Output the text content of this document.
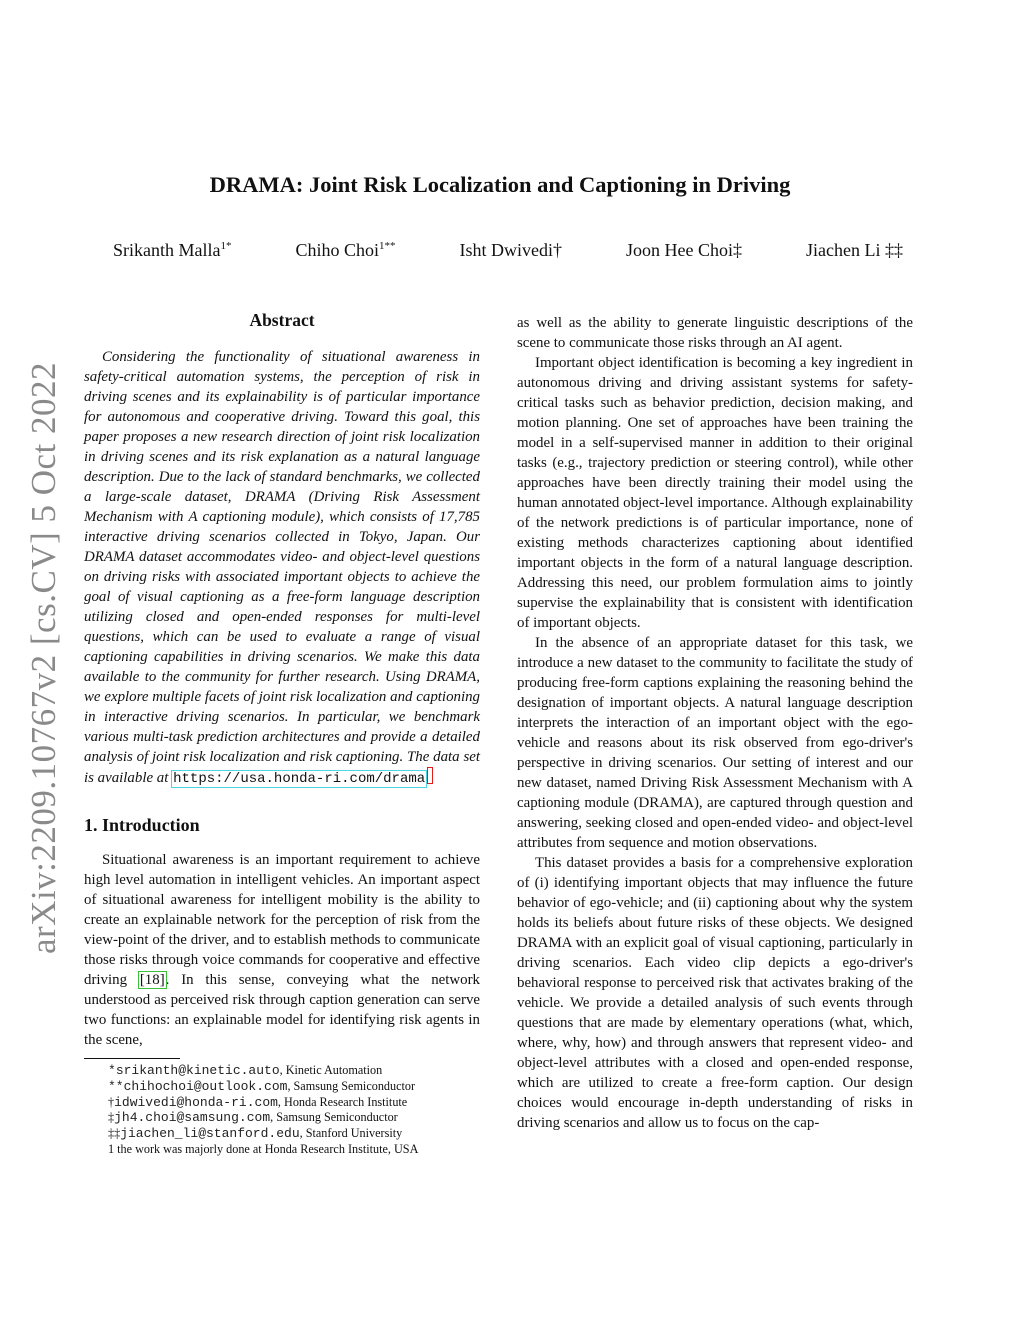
arXiv:2209.10767v2 [cs.CV] 5 Oct 2022
DRAMA: Joint Risk Localization and Captioning in Driving
Srikanth Malla$^{1*}$	Chiho Choi$^{1**}$	Isht Dwivedi†	Joon Hee Choi‡	Jiachen Li ‡‡
Abstract

Considering the functionality of situational awareness in safety-critical automation systems, the perception of risk in driving scenes and its explainability is of particular importance for autonomous and cooperative driving. Toward this goal, this paper proposes a new research direction of joint risk localization in driving scenes and its risk explanation as a natural language description. Due to the lack of standard benchmarks, we collected a large-scale dataset, DRAMA (Driving Risk Assessment Mechanism with A captioning module), which consists of 17,785 interactive driving scenarios collected in Tokyo, Japan. Our DRAMA dataset accommodates video- and object-level questions on driving risks with associated important objects to achieve the goal of visual captioning as a free-form language description utilizing closed and open-ended responses for multi-level questions, which can be used to evaluate a range of visual captioning capabilities in driving scenarios. We make this data available to the community for further research. Using DRAMA, we explore multiple facets of joint risk localization and captioning in interactive driving scenarios. In particular, we benchmark various multi-task prediction architectures and provide a detailed analysis of joint risk localization and risk captioning. The data set is available at https://usa.honda-ri.com/drama

1. Introduction

Situational awareness is an important requirement to achieve high level automation in intelligent vehicles. An important aspect of situational awareness for intelligent mobility is the ability to create an explainable network for the perception of risk from the view-point of the driver, and to establish methods to communicate those risks through voice commands for cooperative and effective driving [18]. In this sense, conveying what the network understood as perceived risk through caption generation can serve two functions: an explainable model for identifying risk agents in the scene,

*srikanth@kinetic.auto, Kinetic Automation
**chihochoi@outlook.com, Samsung Semiconductor
†idwivedi@honda-ri.com, Honda Research Institute
‡jh4.choi@samsung.com, Samsung Semiconductor
‡‡jiachen_li@stanford.edu, Stanford University
1 the work was majorly done at Honda Research Institute, USA

as well as the ability to generate linguistic descriptions of the scene to communicate those risks through an AI agent.

Important object identification is becoming a key ingredient in autonomous driving and driving assistant systems for safety-critical tasks such as behavior prediction, decision making, and motion planning. One set of approaches have been training the model in a self-supervised manner in addition to their original tasks (e.g., trajectory prediction or steering control), while other approaches have been directly training their model using the human annotated object-level importance. Although explainability of the network predictions is of particular importance, none of existing methods characterizes captioning about identified important objects in the form of a natural language description. Addressing this need, our problem formulation aims to jointly supervise the explainability that is consistent with identification of important objects.

In the absence of an appropriate dataset for this task, we introduce a new dataset to the community to facilitate the study of producing free-form captions explaining the reasoning behind the designation of important objects. A natural language description interprets the interaction of an important object with the ego-vehicle and reasons about its risk observed from ego-driver's perspective in driving scenarios. Our setting of interest and our new dataset, named Driving Risk Assessment Mechanism with A captioning module (DRAMA), are captured through question and answering, seeking closed and open-ended video- and object-level attributes from sequence and motion observations.

This dataset provides a basis for a comprehensive exploration of (i) identifying important objects that may influence the future behavior of ego-vehicle; and (ii) captioning about why the system holds its beliefs about future risks of these objects. We designed DRAMA with an explicit goal of visual captioning, particularly in driving scenarios. Each video clip depicts a ego-driver's behavioral response to perceived risk that activates braking of the vehicle. We provide a detailed analysis of such events through questions that are made by elementary operations (what, which, where, why, how) and through answers that represent video- and object-level attributes with a closed and open-ended response, which are utilized to create a free-form caption. Our design choices would encourage in-depth understanding of risks in driving scenarios and allow us to focus on the cap-
